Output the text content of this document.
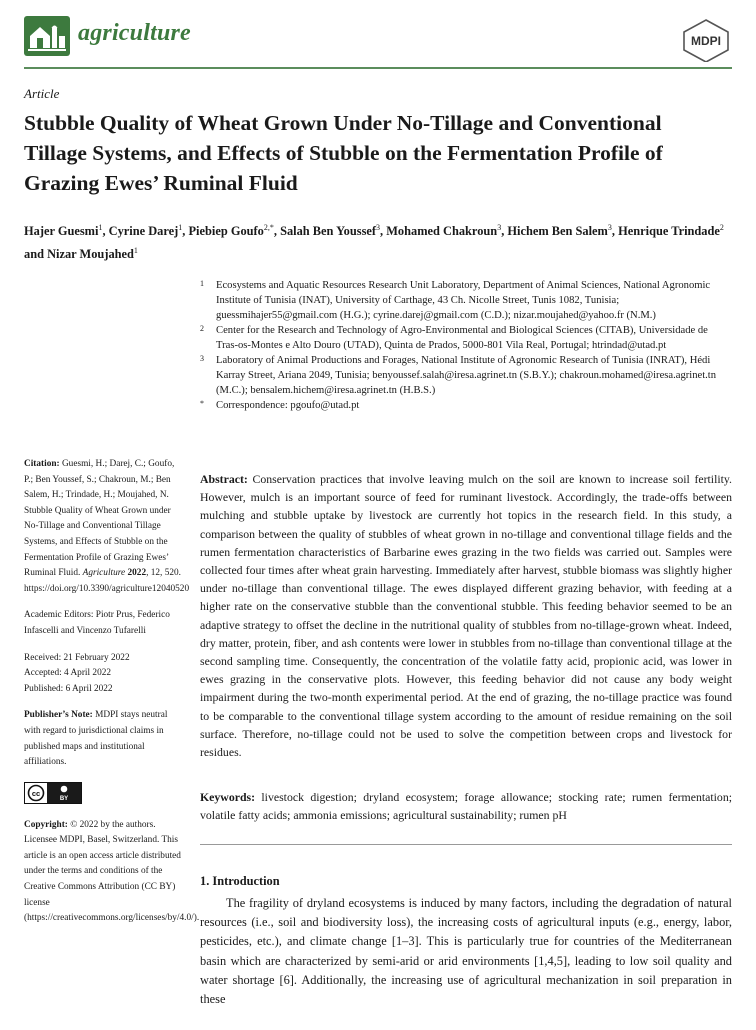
agriculture	MDPI
Article
Stubble Quality of Wheat Grown Under No-Tillage and Conventional Tillage Systems, and Effects of Stubble on the Fermentation Profile of Grazing Ewes’ Ruminal Fluid
Hajer Guesmi$^1$, Cyrine Darej$^1$, Piebiep Goufo$^{2,*}$, Salah Ben Youssef$^3$, Mohamed Chakroun$^3$, Hichem Ben Salem$^3$, Henrique Trindade$^2$ and Nizar Moujahed$^1$
1 Ecosystems and Aquatic Resources Research Unit Laboratory, Department of Animal Sciences, National Agronomic Institute of Tunisia (INAT), University of Carthage, 43 Ch. Nicolle Street, Tunis 1082, Tunisia; guessmihajer55@gmail.com (H.G.); cyrine.darej@gmail.com (C.D.); nizar.moujahed@yahoo.fr (N.M.)
2 Center for the Research and Technology of Agro-Environmental and Biological Sciences (CITAB), Universidade de Tras-os-Montes e Alto Douro (UTAD), Quinta de Prados, 5000-801 Vila Real, Portugal; htrindad@utad.pt
3 Laboratory of Animal Productions and Forages, National Institute of Agronomic Research of Tunisia (INRAT), Hédi Karray Street, Ariana 2049, Tunisia; benyoussef.salah@iresa.agrinet.tn (S.B.Y.); chakroun.mohamed@iresa.agrinet.tn (M.C.); bensalem.hichem@iresa.agrinet.tn (H.B.S.)
* Correspondence: pgoufo@utad.pt
Citation: Guesmi, H.; Darej, C.; Goufo, P.; Ben Youssef, S.; Chakroun, M.; Ben Salem, H.; Trindade, H.; Moujahed, N. Stubble Quality of Wheat Grown under No-Tillage and Conventional Tillage Systems, and Effects of Stubble on the Fermentation Profile of Grazing Ewes’ Ruminal Fluid. Agriculture 2022, 12, 520. https://doi.org/10.3390/agriculture12040520
Academic Editors: Piotr Prus, Federico Infascelli and Vincenzo Tufarelli
Received: 21 February 2022
Accepted: 4 April 2022
Published: 6 April 2022
Publisher’s Note: MDPI stays neutral with regard to jurisdictional claims in published maps and institutional affiliations.
cc
BY
Copyright: © 2022 by the authors. Licensee MDPI, Basel, Switzerland. This article is an open access article distributed under the terms and conditions of the Creative Commons Attribution (CC BY) license (https://creativecommons.org/licenses/by/4.0/).
Abstract: Conservation practices that involve leaving mulch on the soil are known to increase soil fertility. However, mulch is an important source of feed for ruminant livestock. Accordingly, the trade-offs between mulching and stubble uptake by livestock are currently hot topics in the research field. In this study, a comparison between the quality of stubbles of wheat grown in no-tillage and conventional tillage fields and the rumen fermentation characteristics of Barbarine ewes grazing in the two fields was carried out. Samples were collected four times after wheat grain harvesting. Immediately after harvest, stubble biomass was slightly higher under no-tillage than conventional tillage. The ewes displayed different grazing behavior, with feeding at a higher rate on the conservative stubble than the conventional stubble. This feeding behavior seemed to be an adaptive strategy to offset the decline in the nutritional quality of stubbles from no-tillage-grown wheat. Indeed, dry matter, protein, fiber, and ash contents were lower in stubbles from no-tillage than conventional tillage at the second sampling time. Consequently, the concentration of the volatile fatty acid, propionic acid, was lower in ewes grazing in the conservative plots. However, this feeding behavior did not cause any body weight impairment during the two-month experimental period. At the end of grazing, the no-tillage practice was found to be comparable to the conventional tillage system according to the amount of residue remaining on the soil surface. Therefore, no-tillage could not be used to solve the competition between crops and livestock for residues.
Keywords: livestock digestion; dryland ecosystem; forage allowance; stocking rate; rumen fermentation; volatile fatty acids; ammonia emissions; agricultural sustainability; rumen pH
1. Introduction
The fragility of dryland ecosystems is induced by many factors, including the degradation of natural resources (i.e., soil and biodiversity loss), the increasing costs of agricultural inputs (e.g., energy, labor, pesticides, etc.), and climate change [1–3]. This is particularly true for countries of the Mediterranean basin which are characterized by semi-arid or arid environments [1,4,5], leading to low soil quality and water shortage [6]. Additionally, the increasing use of agricultural mechanization in soil preparation in these
